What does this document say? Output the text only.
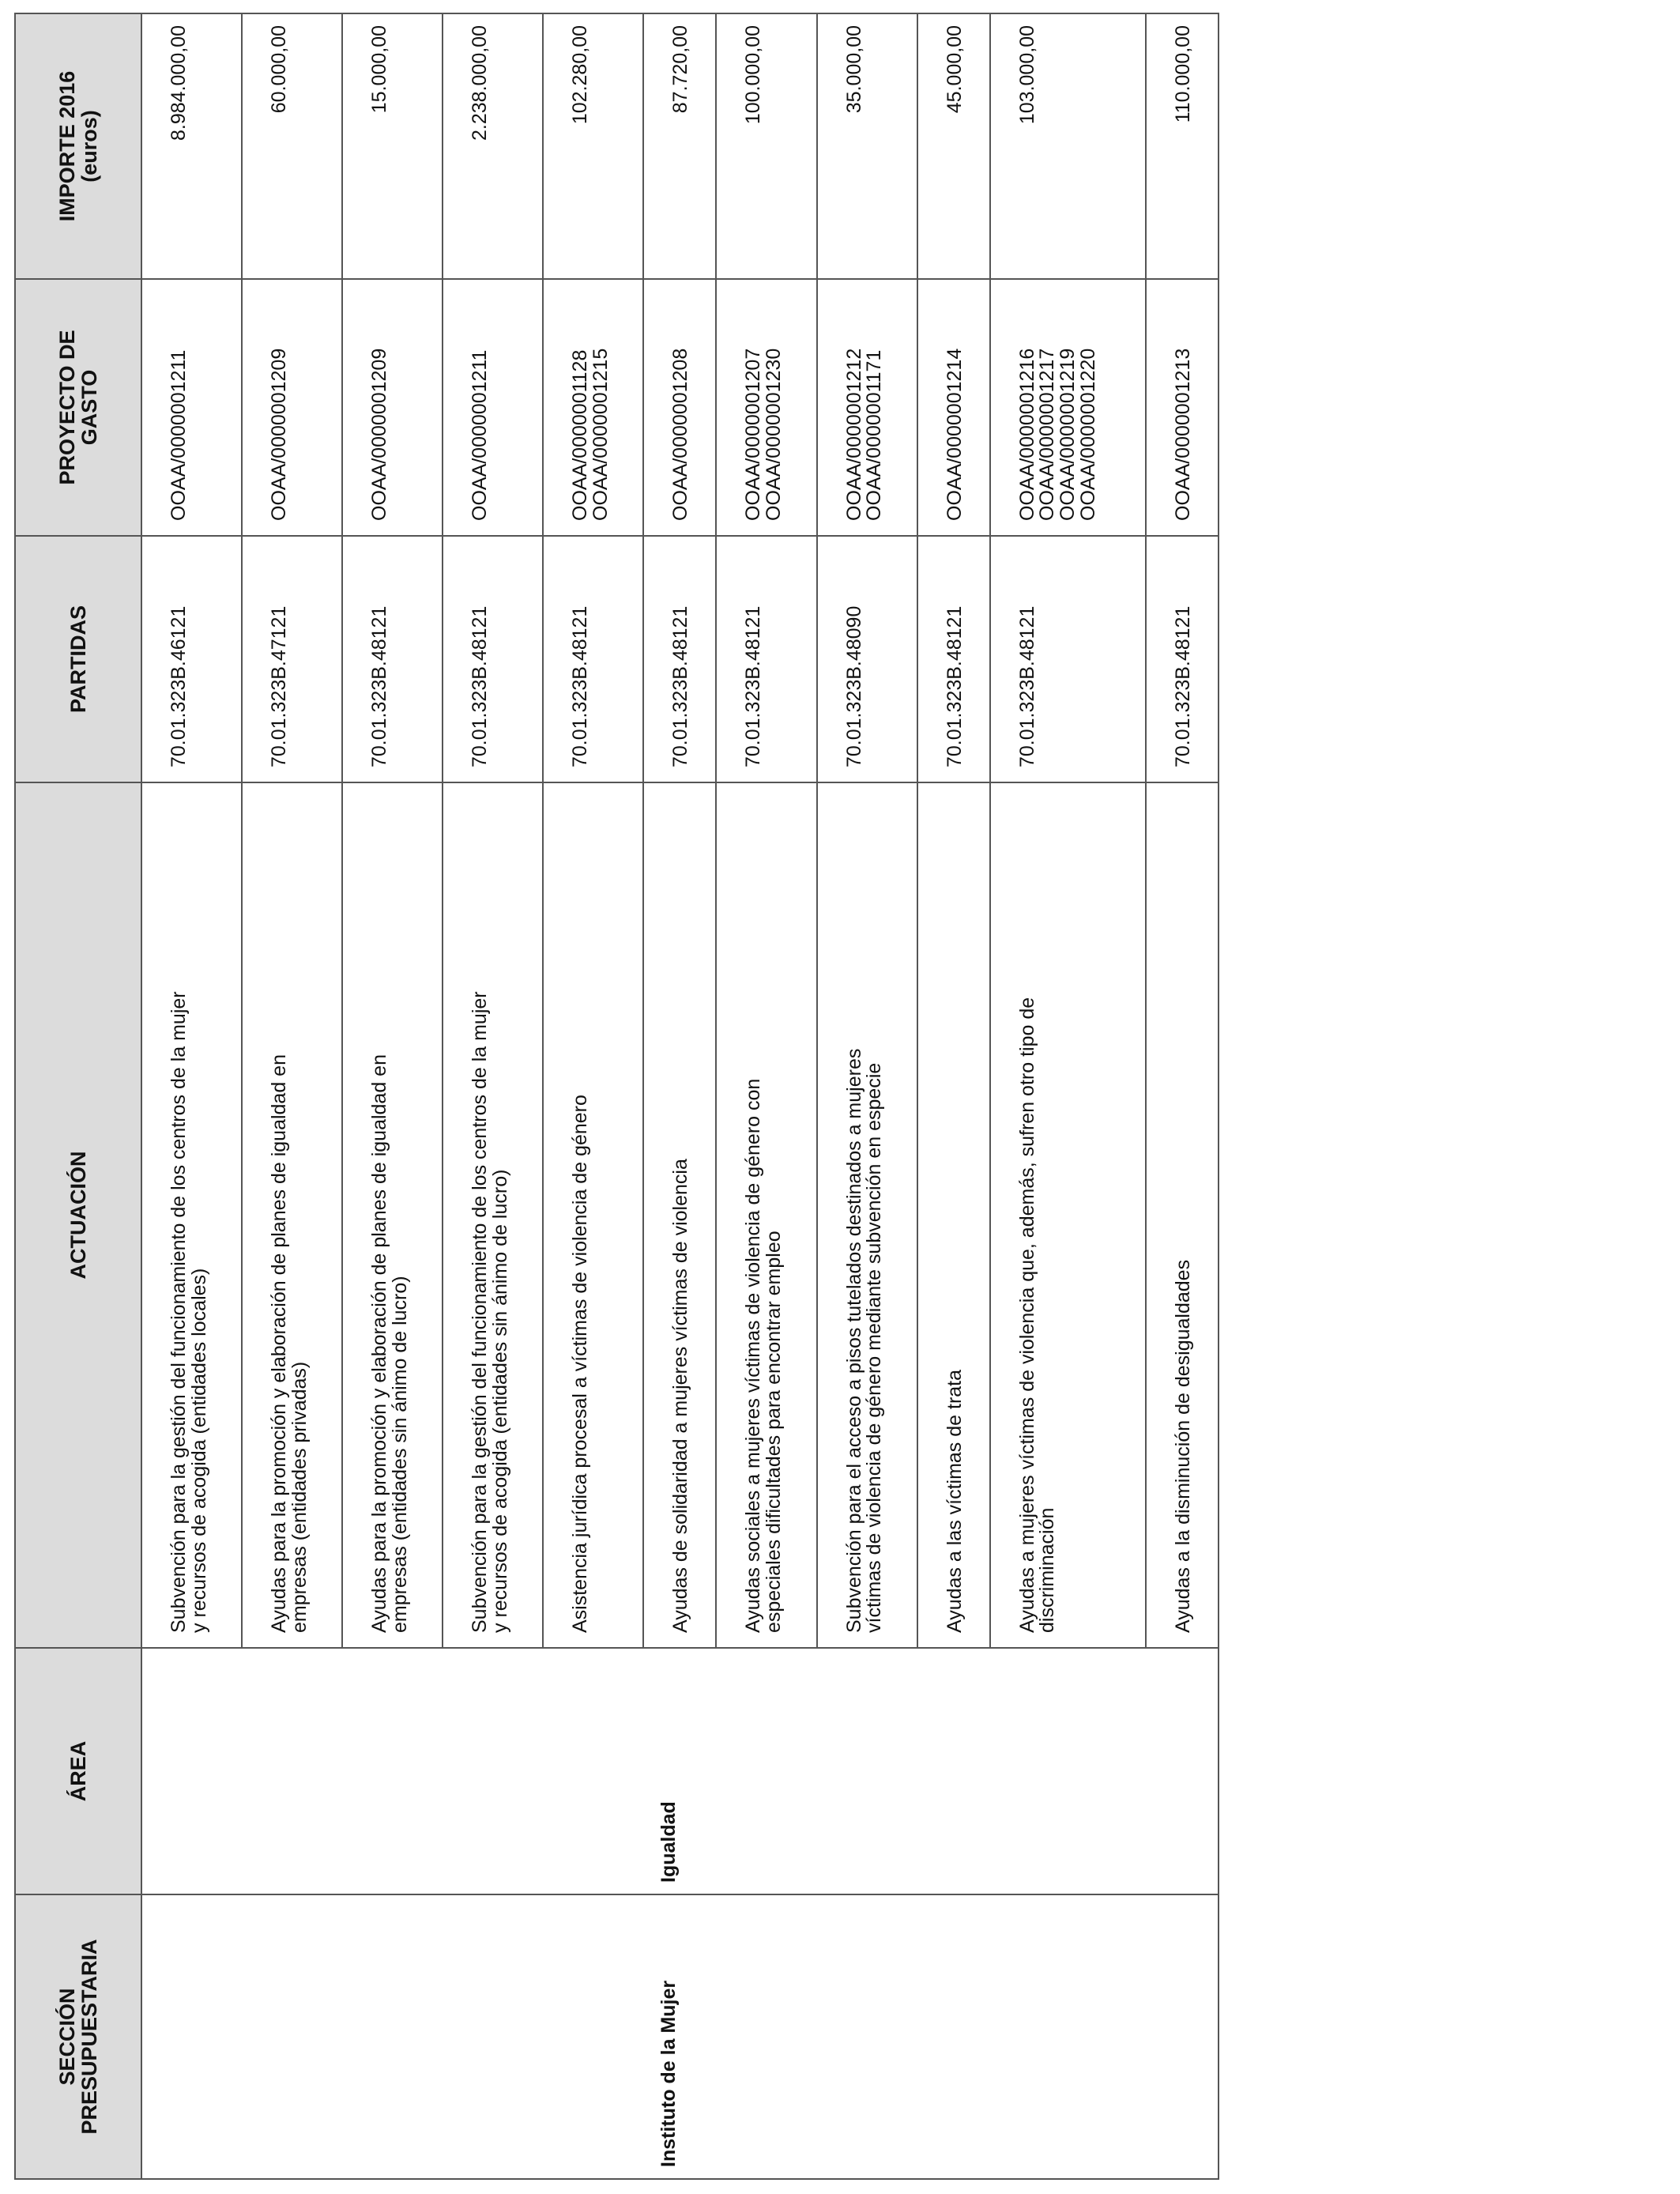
SECCIÓN
PRESUPUESTARIA	ÁREA	ACTUACIÓN	PARTIDAS	PROYECTO DE
GASTO	IMPORTE 2016
(euros)

Instituto de la Mujer	Igualdad	Subvención para la gestión del funcionamiento de los centros de la mujer
y recursos de acogida (entidades locales)	70.01.323B.46121	OOAA/0000001211	8.984.000,00

		Ayudas para la promoción y elaboración de planes de igualdad en
empresas (entidades privadas)	70.01.323B.47121	OOAA/0000001209	60.000,00

		Ayudas para la promoción y elaboración de planes de igualdad en
empresas (entidades sin ánimo de lucro)	70.01.323B.48121	OOAA/0000001209	15.000,00

		Subvención para la gestión del funcionamiento de los centros de la mujer
y recursos de acogida (entidades sin ánimo de lucro)	70.01.323B.48121	OOAA/0000001211	2.238.000,00

		Asistencia jurídica procesal a víctimas de violencia de género	70.01.323B.48121	OOAA/0000001128
OOAA/0000001215	102.280,00

		Ayudas de solidaridad a mujeres víctimas de violencia	70.01.323B.48121	OOAA/0000001208	87.720,00

		Ayudas sociales a mujeres víctimas de violencia de género con
especiales dificultades para encontrar empleo	70.01.323B.48121	OOAA/0000001207
OOAA/0000001230	100.000,00

		Subvención para el acceso a pisos tutelados destinados a mujeres
víctimas de violencia de género mediante subvención en especie	70.01.323B.48090	OOAA/0000001212
OOAA/0000001171	35.000,00

		Ayudas a las víctimas de trata	70.01.323B.48121	OOAA/0000001214	45.000,00

		Ayudas a mujeres víctimas de violencia que, además, sufren otro tipo de
discriminación	70.01.323B.48121	OOAA/0000001216
OOAA/0000001217
OOAA/0000001219
OOAA/0000001220	103.000,00

		Ayudas a la disminución de desigualdades	70.01.323B.48121	OOAA/0000001213	110.000,00
